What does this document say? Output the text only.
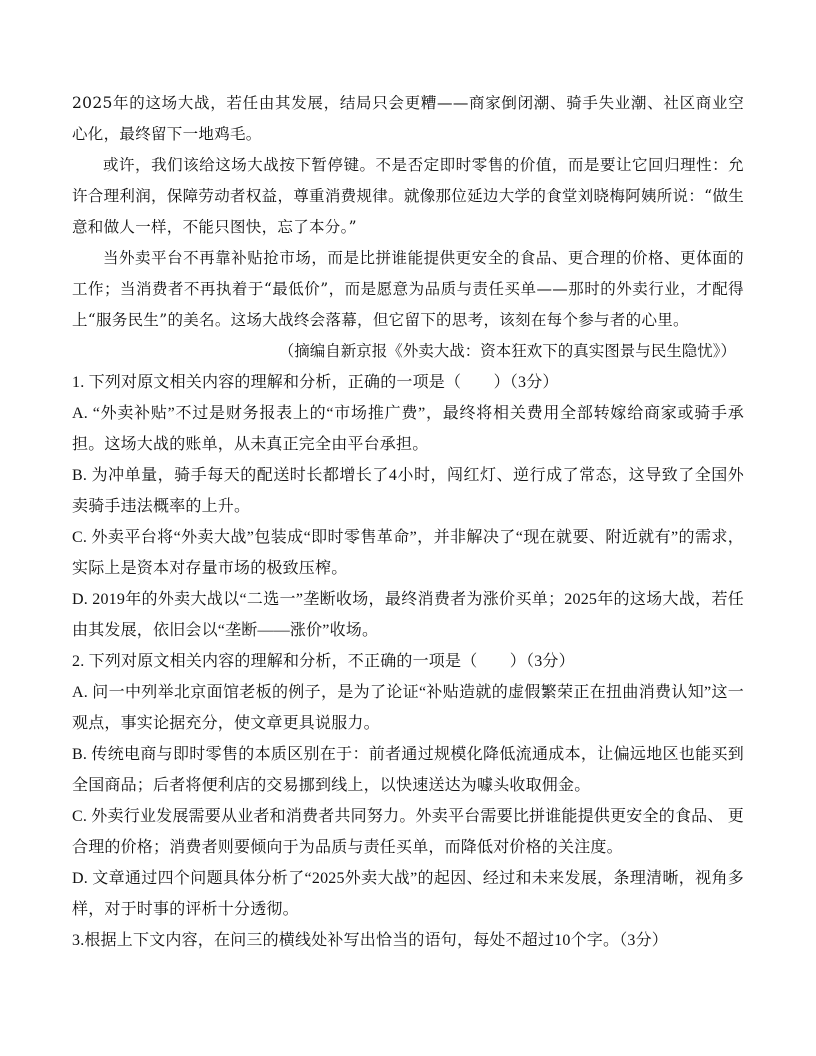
2025年的这场大战，若任由其发展，结局只会更糟——商家倒闭潮、骑手失业潮、社区商业空心化，最终留下一地鸡毛。

或许，我们该给这场大战按下暂停键。不是否定即时零售的价值，而是要让它回归理性：允许合理利润，保障劳动者权益，尊重消费规律。就像那位延边大学的食堂刘晓梅阿姨所说：“做生意和做人一样，不能只图快，忘了本分。”

当外卖平台不再靠补贴抢市场，而是比拼谁能提供更安全的食品、更合理的价格、更体面的工作；当消费者不再执着于“最低价”，而是愿意为品质与责任买单——那时的外卖行业，才配得上“服务民生”的美名。这场大战终会落幕，但它留下的思考，该刻在每个参与者的心里。

（摘编自新京报《外卖大战：资本狂欢下的真实图景与民生隐忧》）

1. 下列对原文相关内容的理解和分析，正确的一项是（　　）（3分）

A. “外卖补贴”不过是财务报表上的“市场推广费”，最终将相关费用全部转嫁给商家或骑手承担。这场大战的账单，从未真正完全由平台承担。

B. 为冲单量，骑手每天的配送时长都增长了4小时，闯红灯、逆行成了常态，这导致了全国外卖骑手违法概率的上升。

C. 外卖平台将“外卖大战”包装成“即时零售革命”，并非解决了“现在就要、附近就有”的需求，实际上是资本对存量市场的极致压榨。

D. 2019年的外卖大战以“二选一”垄断收场，最终消费者为涨价买单；2025年的这场大战，若任由其发展，依旧会以“垄断——涨价”收场。

2. 下列对原文相关内容的理解和分析，不正确的一项是（　　）（3分）

A. 问一中列举北京面馆老板的例子，是为了论证“补贴造就的虚假繁荣正在扭曲消费认知”这一观点，事实论据充分，使文章更具说服力。

B. 传统电商与即时零售的本质区别在于：前者通过规模化降低流通成本，让偏远地区也能买到全国商品；后者将便利店的交易挪到线上，以快速送达为噱头收取佣金。

C. 外卖行业发展需要从业者和消费者共同努力。外卖平台需要比拼谁能提供更安全的食品、 更合理的价格；消费者则要倾向于为品质与责任买单，而降低对价格的关注度。

D. 文章通过四个问题具体分析了“2025外卖大战”的起因、经过和未来发展，条理清晰，视角多样，对于时事的评析十分透彻。

3.根据上下文内容，在问三的横线处补写出恰当的语句，每处不超过10个字。（3分）
